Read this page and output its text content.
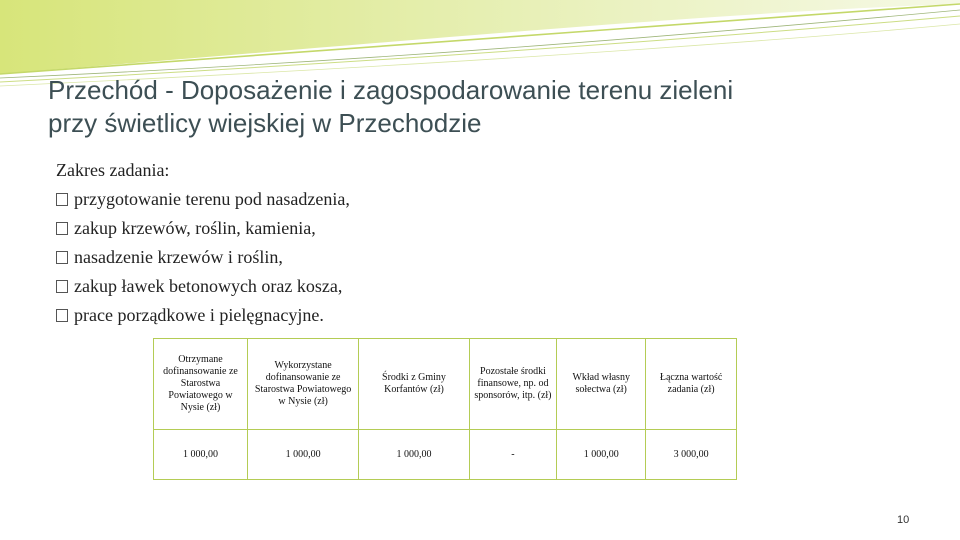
Przechód - Doposażenie i zagospodarowanie terenu zieleni
przy świetlicy wiejskiej w Przechodzie
Zakres zadania:
przygotowanie terenu pod nasadzenia,
zakup krzewów, roślin, kamienia,
nasadzenie krzewów i roślin,
zakup ławek betonowych oraz kosza,
prace porządkowe i pielęgnacyjne.
Otrzymane dofinansowanie ze Starostwa Powiatowego w Nysie (zł)	Wykorzystane dofinansowanie ze Starostwa Powiatowego w Nysie (zł)	Środki z Gminy Korfantów (zł)	Pozostałe środki finansowe, np. od sponsorów, itp. (zł)	Wkład własny sołectwa (zł)	Łączna wartość zadania (zł)
1 000,00	1 000,00	1 000,00	-	1 000,00	3 000,00
10
